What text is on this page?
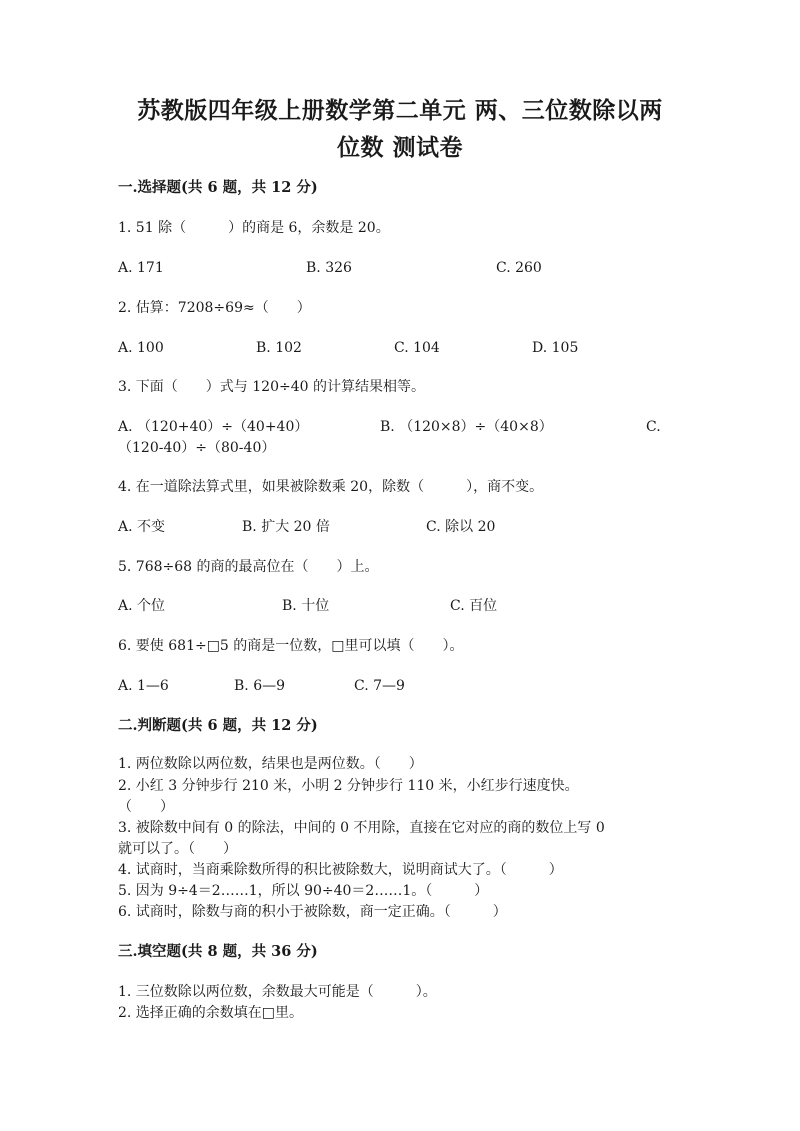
苏教版四年级上册数学第二单元 两、三位数除以两
位数 测试卷
一.选择题(共 6 题，共 12 分)
1. 51 除（　　　）的商是 6，余数是 20。
A. 171	B. 326	C. 260
2. 估算：7208÷69≈（　　）
A. 100	B. 102	C. 104	D. 105
3. 下面（　　）式与 120÷40 的计算结果相等。
A. （120+40）÷（40+40）	B. （120×8）÷（40×8）	C.
（120-40）÷（80-40）
4. 在一道除法算式里，如果被除数乘 20，除数（　　　），商不变。
A. 不变	B. 扩大 20 倍	C. 除以 20
5. 768÷68 的商的最高位在（　　）上。
A. 个位	B. 十位	C. 百位
6. 要使 681÷□5 的商是一位数，□里可以填（　　）。
A. 1—6	B. 6—9	C. 7—9
二.判断题(共 6 题，共 12 分)
1. 两位数除以两位数，结果也是两位数。（　　）
2. 小红 3 分钟步行 210 米，小明 2 分钟步行 110 米，小红步行速度快。
（　　）
3. 被除数中间有 0 的除法，中间的 0 不用除，直接在它对应的商的数位上写 0
就可以了。（　　）
4. 试商时，当商乘除数所得的积比被除数大，说明商试大了。（　　　）
5. 因为 9÷4＝2……1，所以 90÷40＝2……1。（　　　）
6. 试商时，除数与商的积小于被除数，商一定正确。（　　　）
三.填空题(共 8 题，共 36 分)
1. 三位数除以两位数，余数最大可能是（　　　）。
2. 选择正确的余数填在□里。
